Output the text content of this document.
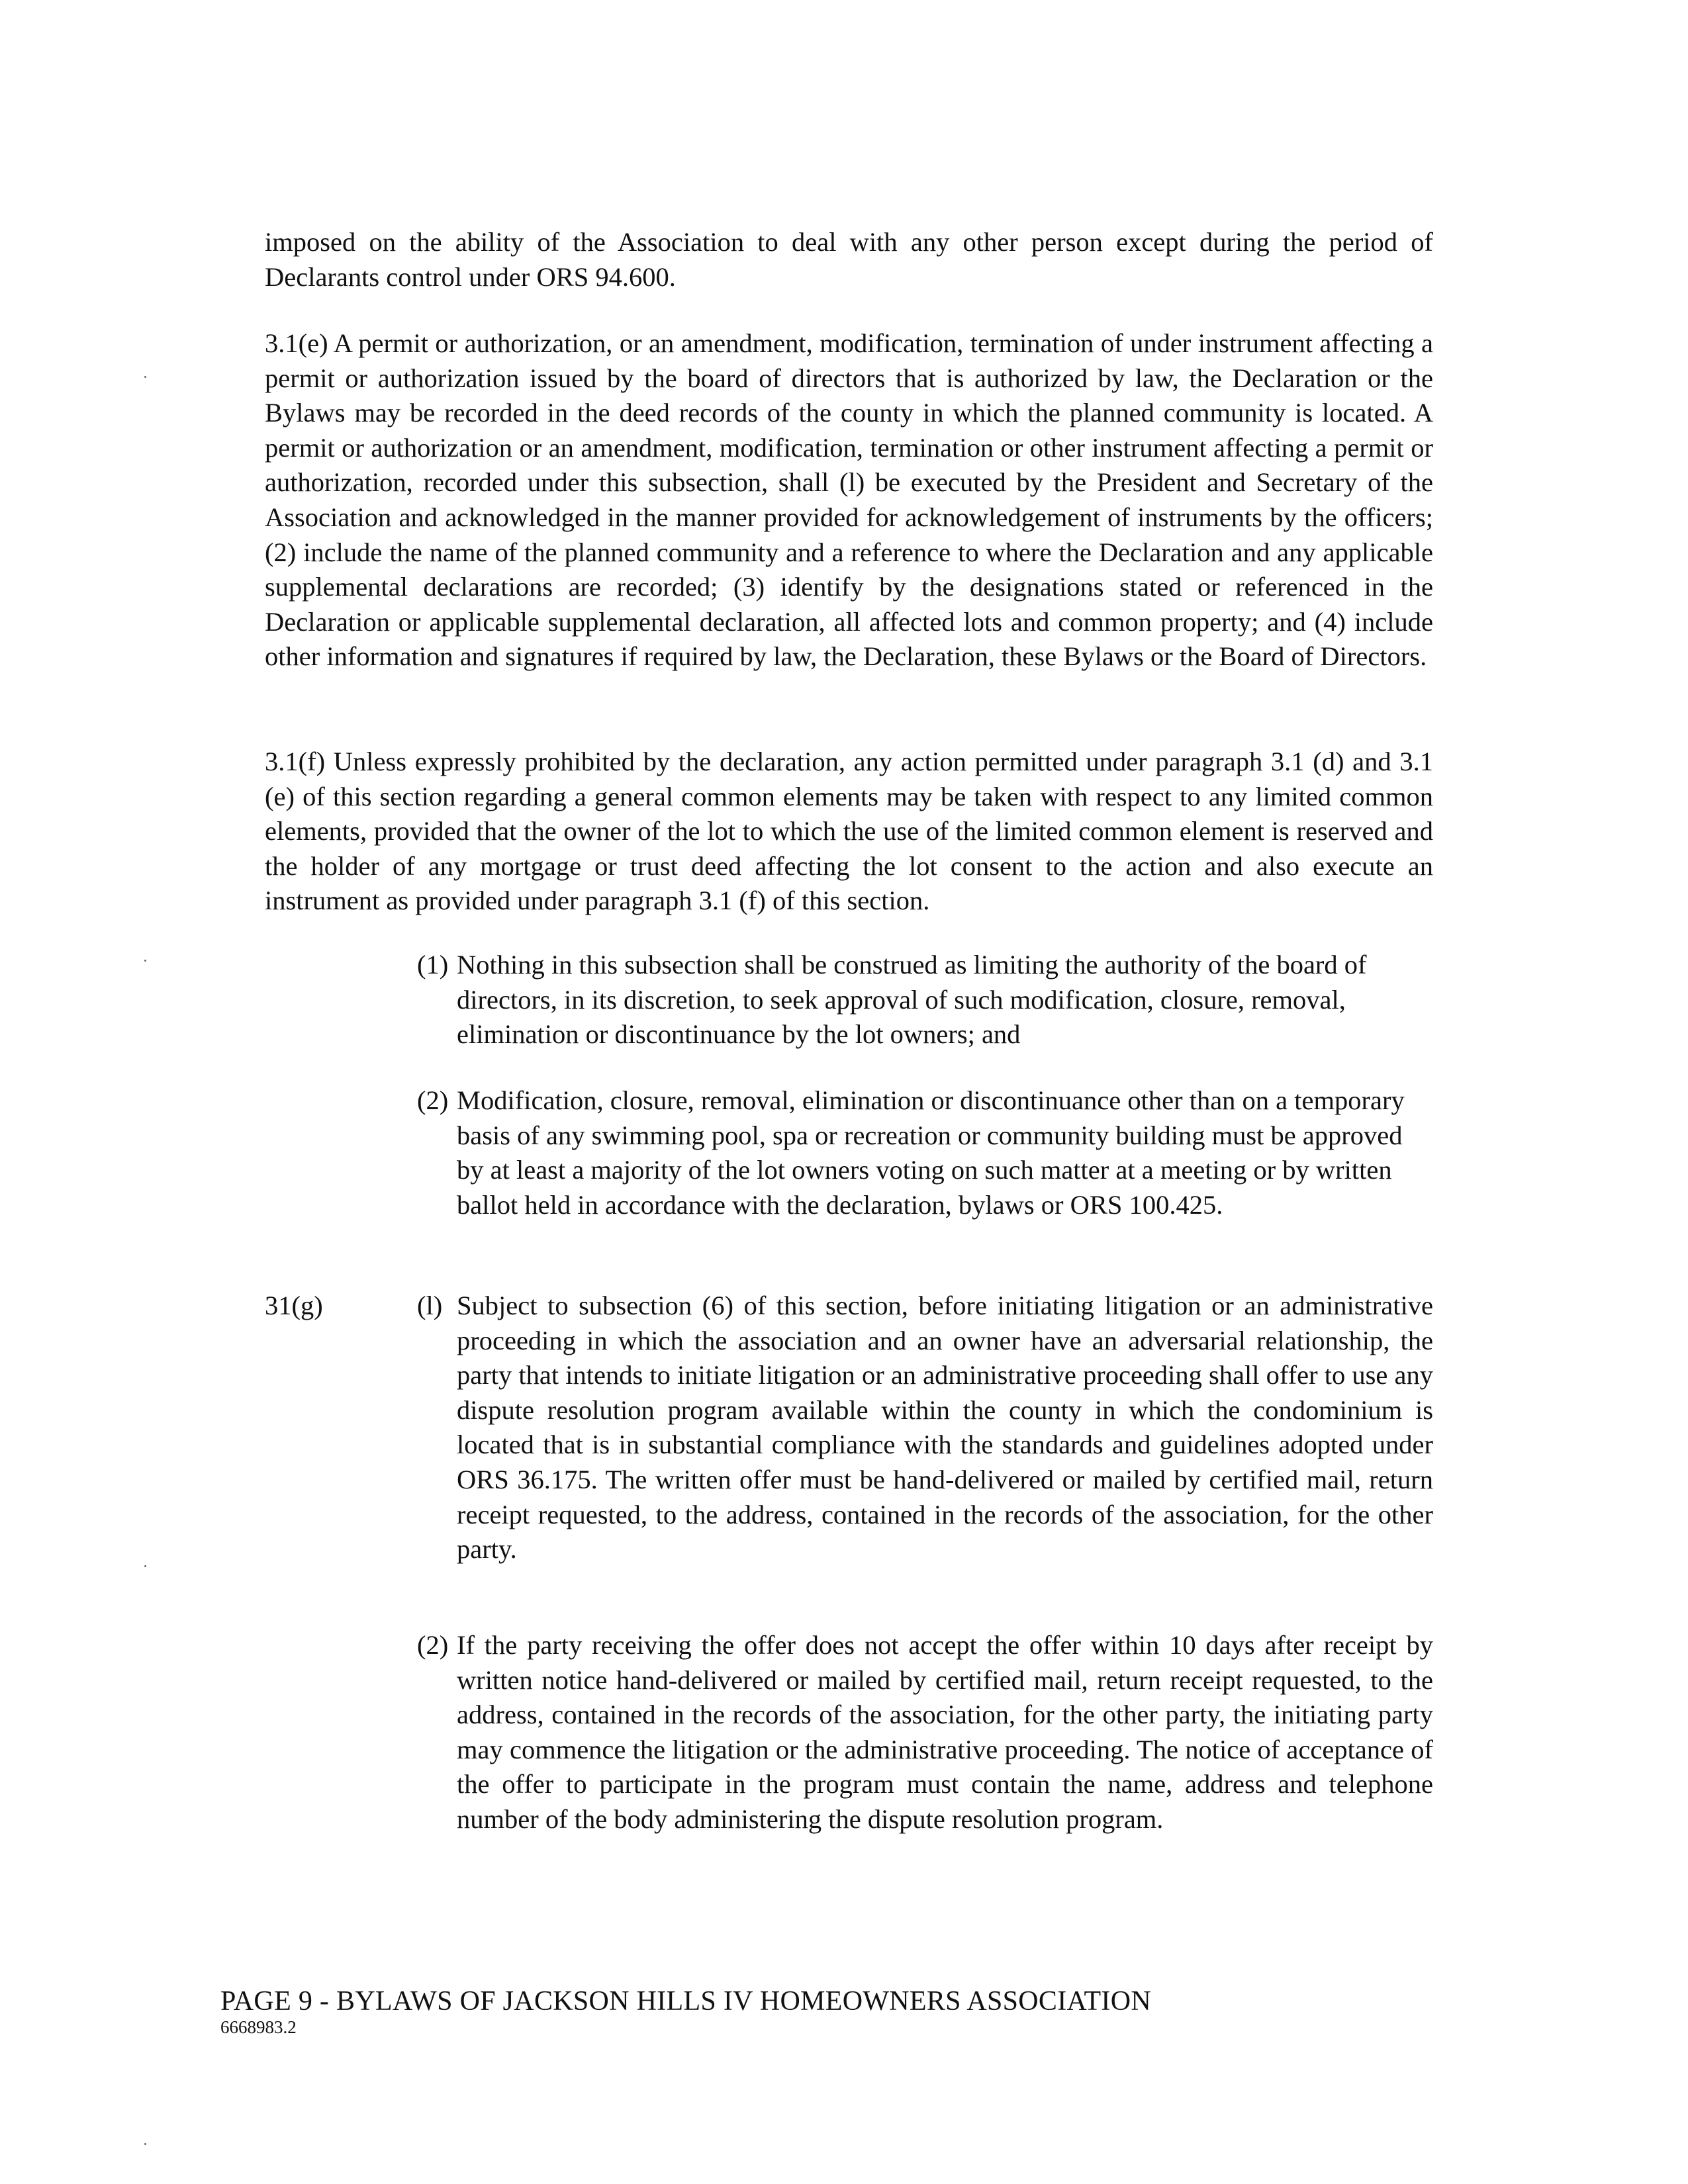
imposed on the ability of the Association to deal with any other person except during the period of Declarants control under ORS 94.600.

3.1(e) A permit or authorization, or an amendment, modification, termination of under instrument affecting a permit or authorization issued by the board of directors that is authorized by law, the Declaration or the Bylaws may be recorded in the deed records of the county in which the planned community is located. A permit or authorization or an amendment, modification, termination or other instrument affecting a permit or authorization, recorded under this subsection, shall (l) be executed by the President and Secretary of the Association and acknowledged in the manner provided for acknowledgement of instruments by the officers; (2) include the name of the planned community and a reference to where the Declaration and any applicable supplemental declarations are recorded; (3) identify by the designations stated or referenced in the Declaration or applicable supplemental declaration, all affected lots and common property; and (4) include other information and signatures if required by law, the Declaration, these Bylaws or the Board of Directors.

3.1(f) Unless expressly prohibited by the declaration, any action permitted under paragraph 3.1 (d) and 3.1 (e) of this section regarding a general common elements may be taken with respect to any limited common elements, provided that the owner of the lot to which the use of the limited common element is reserved and the holder of any mortgage or trust deed affecting the lot consent to the action and also execute an instrument as provided under paragraph 3.1 (f) of this section.

(1) Nothing in this subsection shall be construed as limiting the authority of the board of directors, in its discretion, to seek approval of such modification, closure, removal, elimination or discontinuance by the lot owners; and
(2) Modification, closure, removal, elimination or discontinuance other than on a temporary basis of any swimming pool, spa or recreation or community building must be approved by at least a majority of the lot owners voting on such matter at a meeting or by written ballot held in accordance with the declaration, bylaws or ORS 100.425.
31(g)	(l) Subject to subsection (6) of this section, before initiating litigation or an administrative proceeding in which the association and an owner have an adversarial relationship, the party that intends to initiate litigation or an administrative proceeding shall offer to use any dispute resolution program available within the county in which the condominium is located that is in substantial compliance with the standards and guidelines adopted under ORS 36.175. The written offer must be hand-delivered or mailed by certified mail, return receipt requested, to the address, contained in the records of the association, for the other party.
(2) If the party receiving the offer does not accept the offer within 10 days after receipt by written notice hand-delivered or mailed by certified mail, return receipt requested, to the address, contained in the records of the association, for the other party, the initiating party may commence the litigation or the administrative proceeding. The notice of acceptance of the offer to participate in the program must contain the name, address and telephone number of the body administering the dispute resolution program.
PAGE 9 - BYLAWS OF JACKSON HILLS IV HOMEOWNERS ASSOCIATION
6668983.2
